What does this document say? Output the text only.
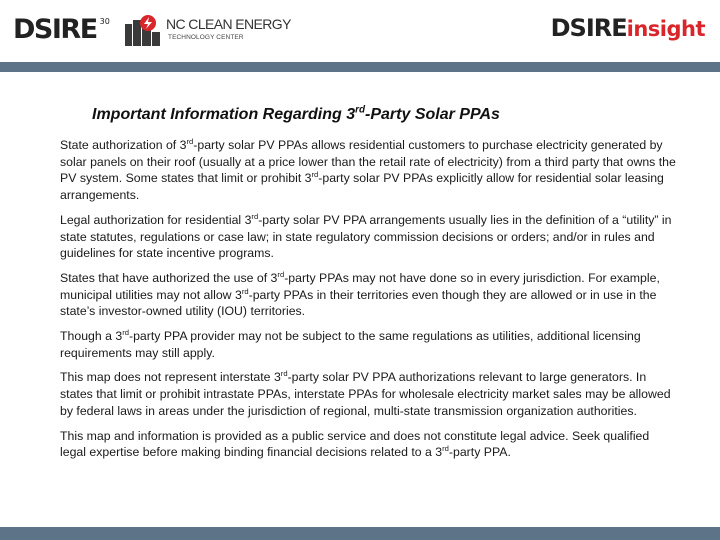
DSIRE $^{30}$	NC CLEAN ENERGY
TECHNOLOGY CENTER	DSIREinsight
Important Information Regarding 3rd-Party Solar PPAs

State authorization of 3rd-party solar PV PPAs allows residential customers to purchase electricity generated by solar panels on their roof (usually at a price lower than the retail rate of electricity) from a third party that owns the PV system. Some states that limit or prohibit 3rd-party solar PV PPAs explicitly allow for residential solar leasing arrangements.

Legal authorization for residential 3rd-party solar PV PPA arrangements usually lies in the definition of a “utility” in state statutes, regulations or case law; in state regulatory commission decisions or orders; and/or in rules and guidelines for state incentive programs.

States that have authorized the use of 3rd-party PPAs may not have done so in every jurisdiction. For example, municipal utilities may not allow 3rd-party PPAs in their territories even though they are allowed or in use in the state’s investor-owned utility (IOU) territories.

Though a 3rd-party PPA provider may not be subject to the same regulations as utilities, additional licensing requirements may still apply.

This map does not represent interstate 3rd-party solar PV PPA authorizations relevant to large generators. In states that limit or prohibit intrastate PPAs, interstate PPAs for wholesale electricity market sales may be allowed by federal laws in areas under the jurisdiction of regional, multi-state transmission organization authorities.

This map and information is provided as a public service and does not constitute legal advice. Seek qualified legal expertise before making binding financial decisions related to a 3rd-party PPA.
